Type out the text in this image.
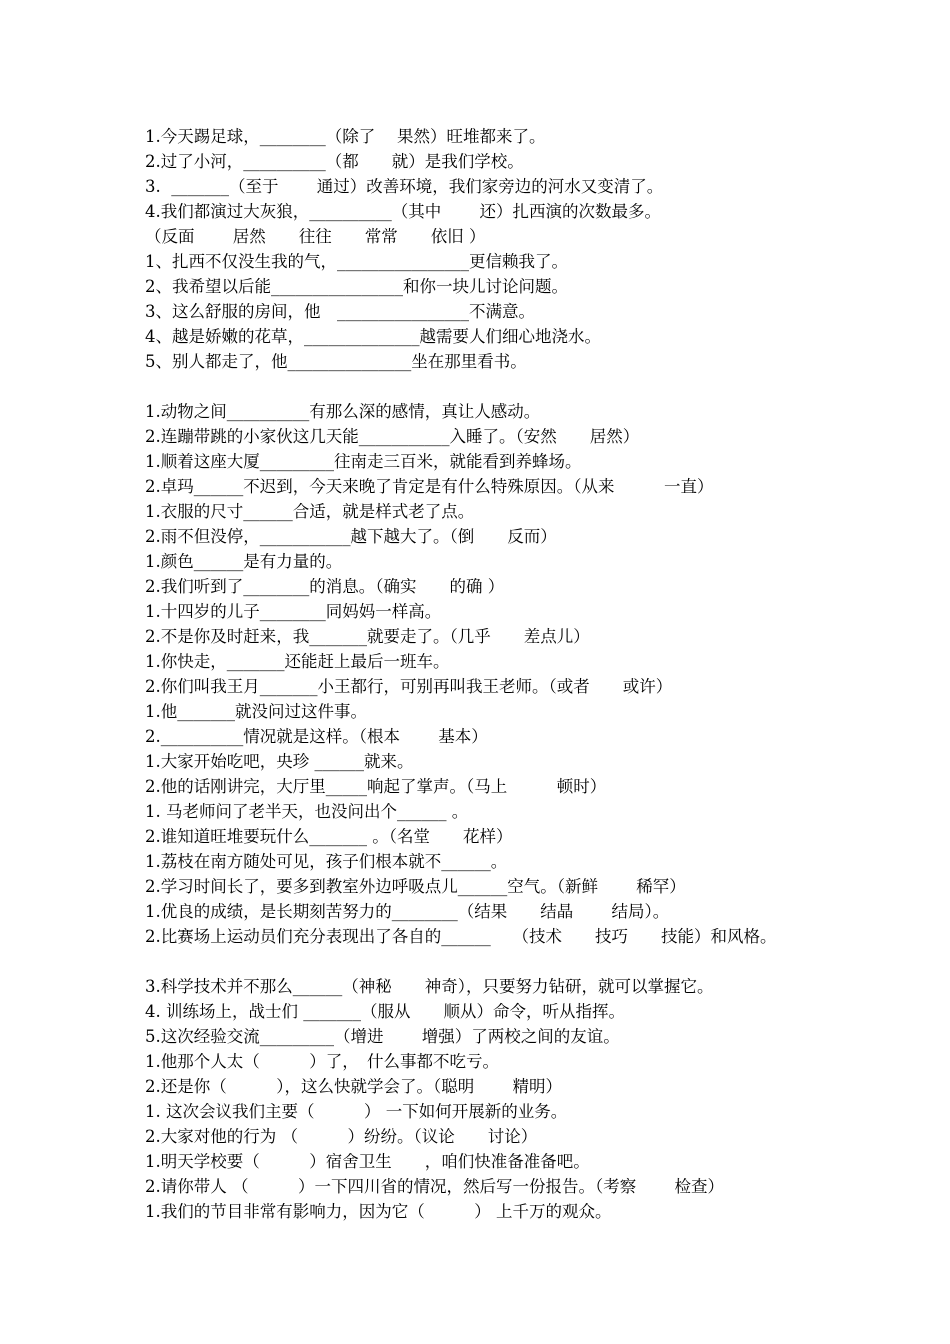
1.今天踢足球，________（除了　 果然）旺堆都来了。
2.过了小河，__________（都　　就）是我们学校。
3.  _______（至于　　 通过）改善环境，我们家旁边的河水又变清了。
4.我们都演过大灰狼，__________（其中　　 还）扎西演的次数最多。
（反面　　 居然　　往往　　常常　　依旧 ）
1、扎西不仅没生我的气，________________更信赖我了。
2、我希望以后能________________和你一块儿讨论问题。
3、这么舒服的房间，他　________________不满意。
4、越是娇嫩的花草，______________越需要人们细心地浇水。
5、别人都走了，他_______________坐在那里看书。
1.动物之间__________有那么深的感情，真让人感动。
2.连蹦带跳的小家伙这几天能___________入睡了。（安然　　居然）
1.顺着这座大厦_________往南走三百米，就能看到养蜂场。
2.卓玛______不迟到，今天来晚了肯定是有什么特殊原因。（从来　　　一直）
1.衣服的尺寸______合适，就是样式老了点。
2.雨不但没停，___________越下越大了。（倒　　反而）
1.颜色______是有力量的。
2.我们听到了________的消息。（确实　　的确 ）
1.十四岁的儿子________同妈妈一样高。
2.不是你及时赶来，我_______就要走了。（几乎　　差点儿）
1.你快走，_______还能赶上最后一班车。
2.你们叫我王月_______小王都行，可别再叫我王老师。（或者　　或许）
1.他_______就没问过这件事。
2.__________情况就是这样。（根本　　 基本）
1.大家开始吃吧，央珍 ______就来。
2.他的话刚讲完，大厅里_____响起了掌声。（马上　　　顿时）
1. 马老师问了老半天，也没问出个______ 。
2.谁知道旺堆要玩什么_______ 。（名堂　　花样）
1.荔枝在南方随处可见，孩子们根本就不______。
2.学习时间长了，要多到教室外边呼吸点儿______空气。（新鲜　　 稀罕）
1.优良的成绩，是长期刻苦努力的________（结果　　结晶　　 结局）。
2.比赛场上运动员们充分表现出了各自的______　 （技术　　技巧　　技能）和风格。
3.科学技术并不那么______（神秘　　神奇），只要努力钻研，就可以掌握它。
4. 训练场上，战士们 _______（服从　　顺从）命令，听从指挥。
5.这次经验交流_________（增进　　 增强）了两校之间的友谊。
1.他那个人太（　　　）了，　什么事都不吃亏。
2.还是你（　　　），这么快就学会了。（聪明　　 精明）
1. 这次会议我们主要（　　　） 一下如何开展新的业务。
2.大家对他的行为 （　　　）纷纷。（议论　　讨论）
1.明天学校要（　　　）宿舍卫生　　，咱们快准备准备吧。
2.请你带人 （　　　）一下四川省的情况，然后写一份报告。（考察　　 检查）
1.我们的节目非常有影响力，因为它（　　　） 上千万的观众。
